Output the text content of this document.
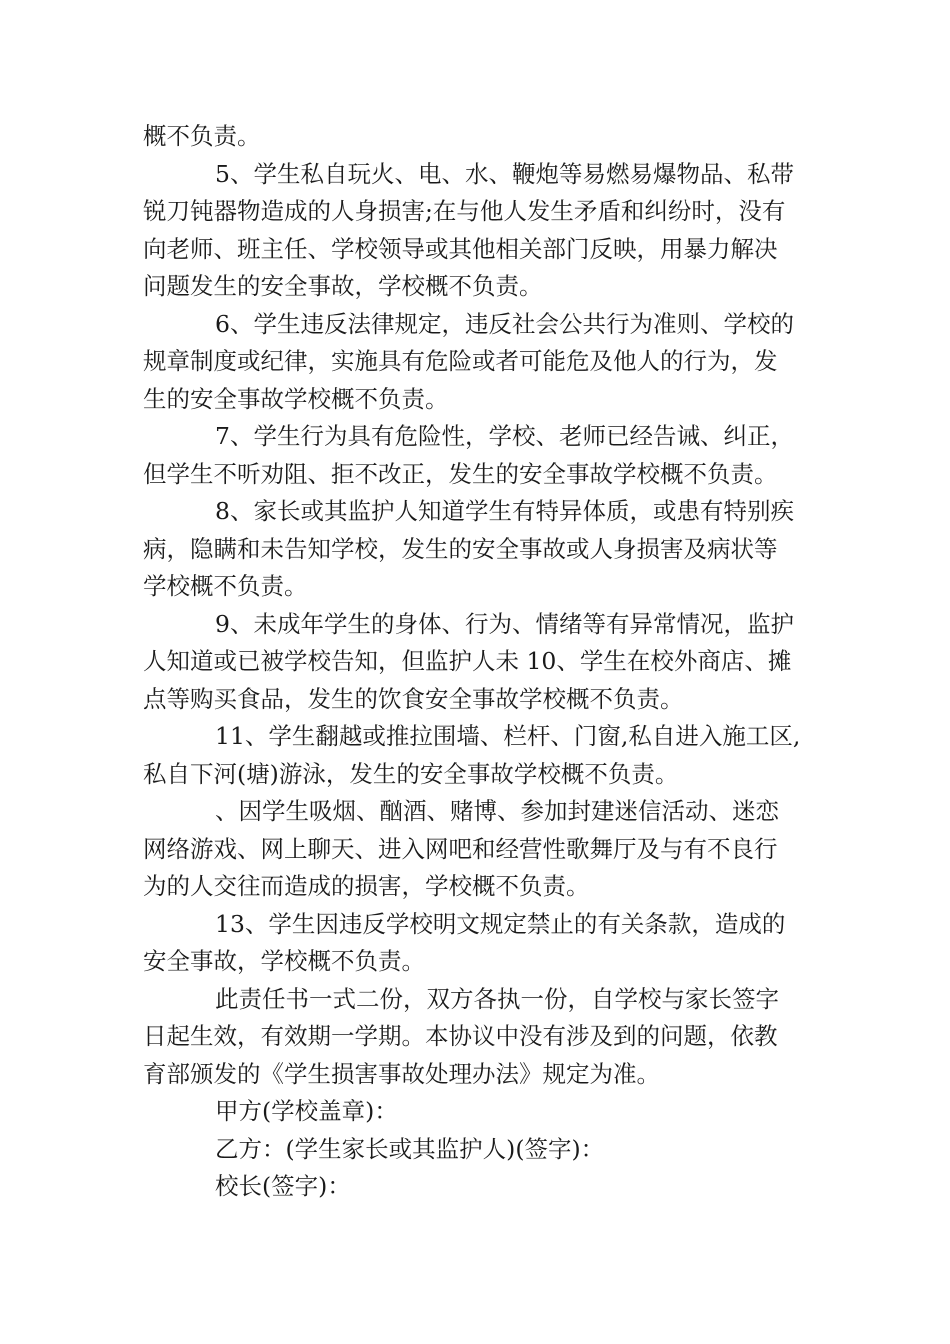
概不负责。
5、学生私自玩火、电、水、鞭炮等易燃易爆物品、私带
锐刀钝器物造成的人身损害;在与他人发生矛盾和纠纷时，没有
向老师、班主任、学校领导或其他相关部门反映，用暴力解决
问题发生的安全事故，学校概不负责。
6、学生违反法律规定，违反社会公共行为准则、学校的
规章制度或纪律，实施具有危险或者可能危及他人的行为，发
生的安全事故学校概不负责。
7、学生行为具有危险性，学校、老师已经告诫、纠正，
但学生不听劝阻、拒不改正，发生的安全事故学校概不负责。
8、家长或其监护人知道学生有特异体质，或患有特别疾
病，隐瞒和未告知学校，发生的安全事故或人身损害及病状等
学校概不负责。
9、未成年学生的身体、行为、情绪等有异常情况，监护
人知道或已被学校告知，但监护人未 10、学生在校外商店、摊
点等购买食品，发生的饮食安全事故学校概不负责。
11、学生翻越或推拉围墙、栏杆、门窗,私自进入施工区,
私自下河(塘)游泳，发生的安全事故学校概不负责。
、因学生吸烟、酗酒、赌博、参加封建迷信活动、迷恋
网络游戏、网上聊天、进入网吧和经营性歌舞厅及与有不良行
为的人交往而造成的损害，学校概不负责。
13、学生因违反学校明文规定禁止的有关条款，造成的
安全事故，学校概不负责。
此责任书一式二份，双方各执一份，自学校与家长签字
日起生效，有效期一学期。本协议中没有涉及到的问题，依教
育部颁发的《学生损害事故处理办法》规定为准。
甲方(学校盖章)：
乙方：(学生家长或其监护人)(签字)：
校长(签字)：
